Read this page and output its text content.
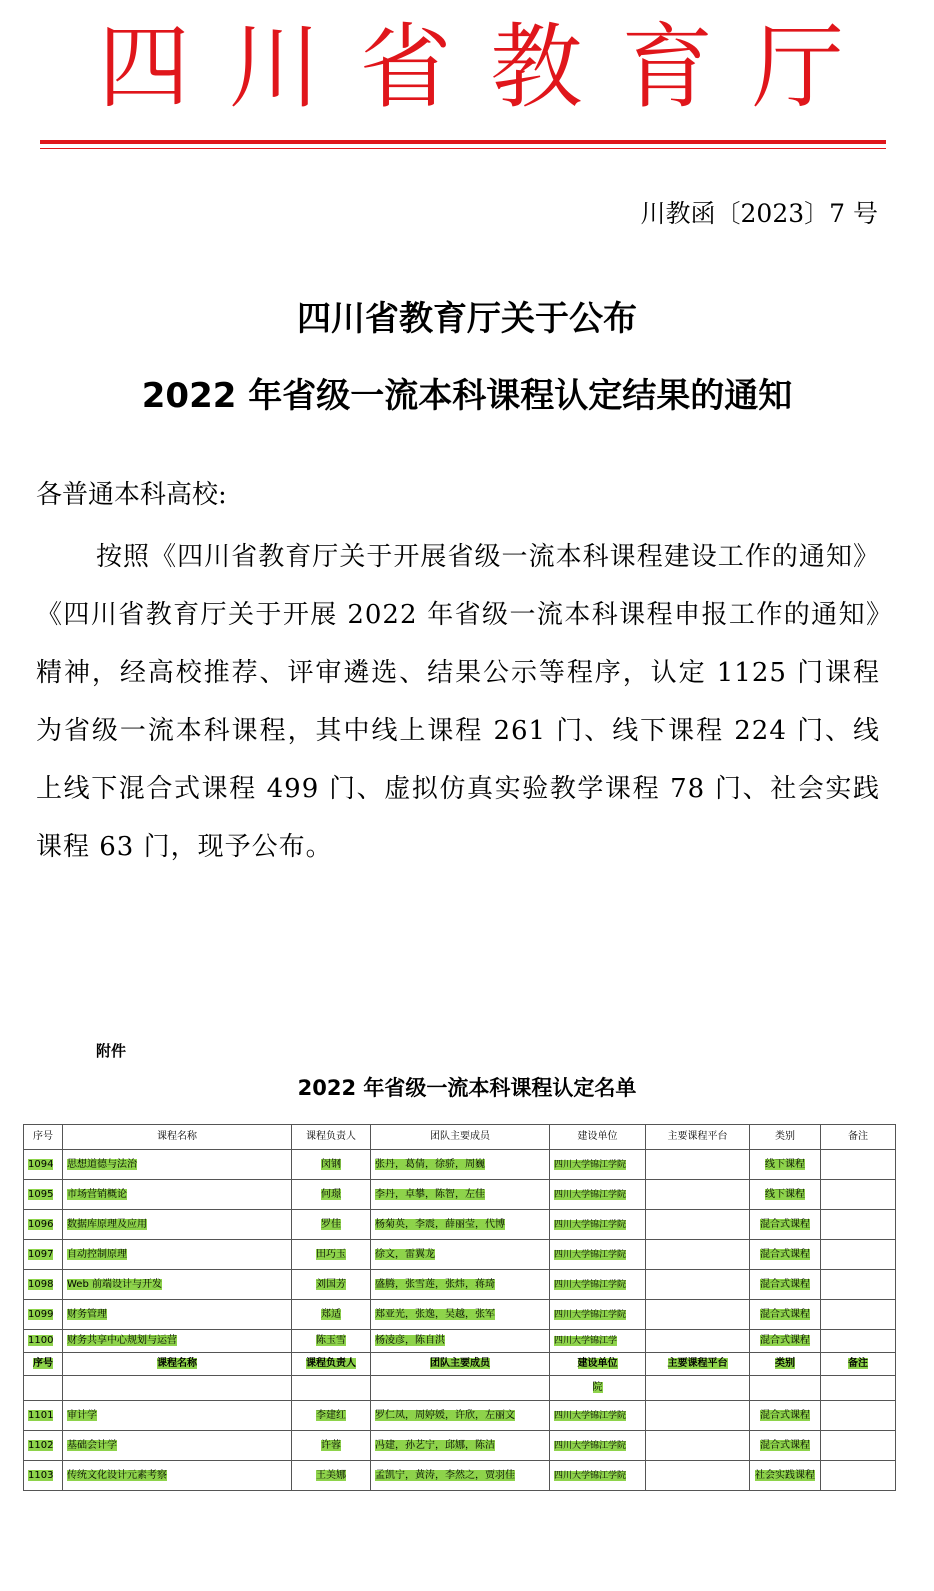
四 川 省 教 育 厅
川教函〔2023〕7 号
四川省教育厅关于公布
2022 年省级一流本科课程认定结果的通知
各普通本科高校:
按照《四川省教育厅关于开展省级一流本科课程建设工作的通知》《四川省教育厅关于开展 2022 年省级一流本科课程申报工作的通知》精神，经高校推荐、评审遴选、结果公示等程序，认定 1125 门课程为省级一流本科课程，其中线上课程 261 门、线下课程 224 门、线上线下混合式课程 499 门、虚拟仿真实验教学课程 78 门、社会实践课程 63 门，现予公布。
附件
2022 年省级一流本科课程认定名单
序号	课程名称	课程负责人	团队主要成员	建设单位	主要课程平台	类别	备注
1094	思想道德与法治	闵钢	张丹，葛倩，徐骄，周巍	四川大学锦江学院		线下课程	
1095	市场营销概论	何璟	李丹，卓攀，陈智，左佳	四川大学锦江学院		线下课程	
1096	数据库原理及应用	罗佳	杨菊英，李震，薛丽莹，代博	四川大学锦江学院		混合式课程	
1097	自动控制原理	田巧玉	徐文，雷翼龙	四川大学锦江学院		混合式课程	
1098	Web 前端设计与开发	刘国芳	盛腾，张雪莲，张炜，蒋琦	四川大学锦江学院		混合式课程	
1099	财务管理	郑适	郑亚光，张逸，吴越，张军	四川大学锦江学院		混合式课程	
1100	财务共享中心规划与运营	陈玉雪	杨凌彦，陈自洪	四川大学锦江学		混合式课程	
序号	课程名称	课程负责人	团队主要成员	建设单位	主要课程平台	类别	备注
				院			
1101	审计学	李建红	罗仁凤，周婷媛，许欣，左丽文	四川大学锦江学院		混合式课程	
1102	基础会计学	许蓉	冯建，孙艺宁，邱娜，陈洁	四川大学锦江学院		混合式课程	
1103	传统文化设计元素考察	王美娜	孟凯宁，黄涛，李然之，贾羽佳	四川大学锦江学院		社会实践课程	
